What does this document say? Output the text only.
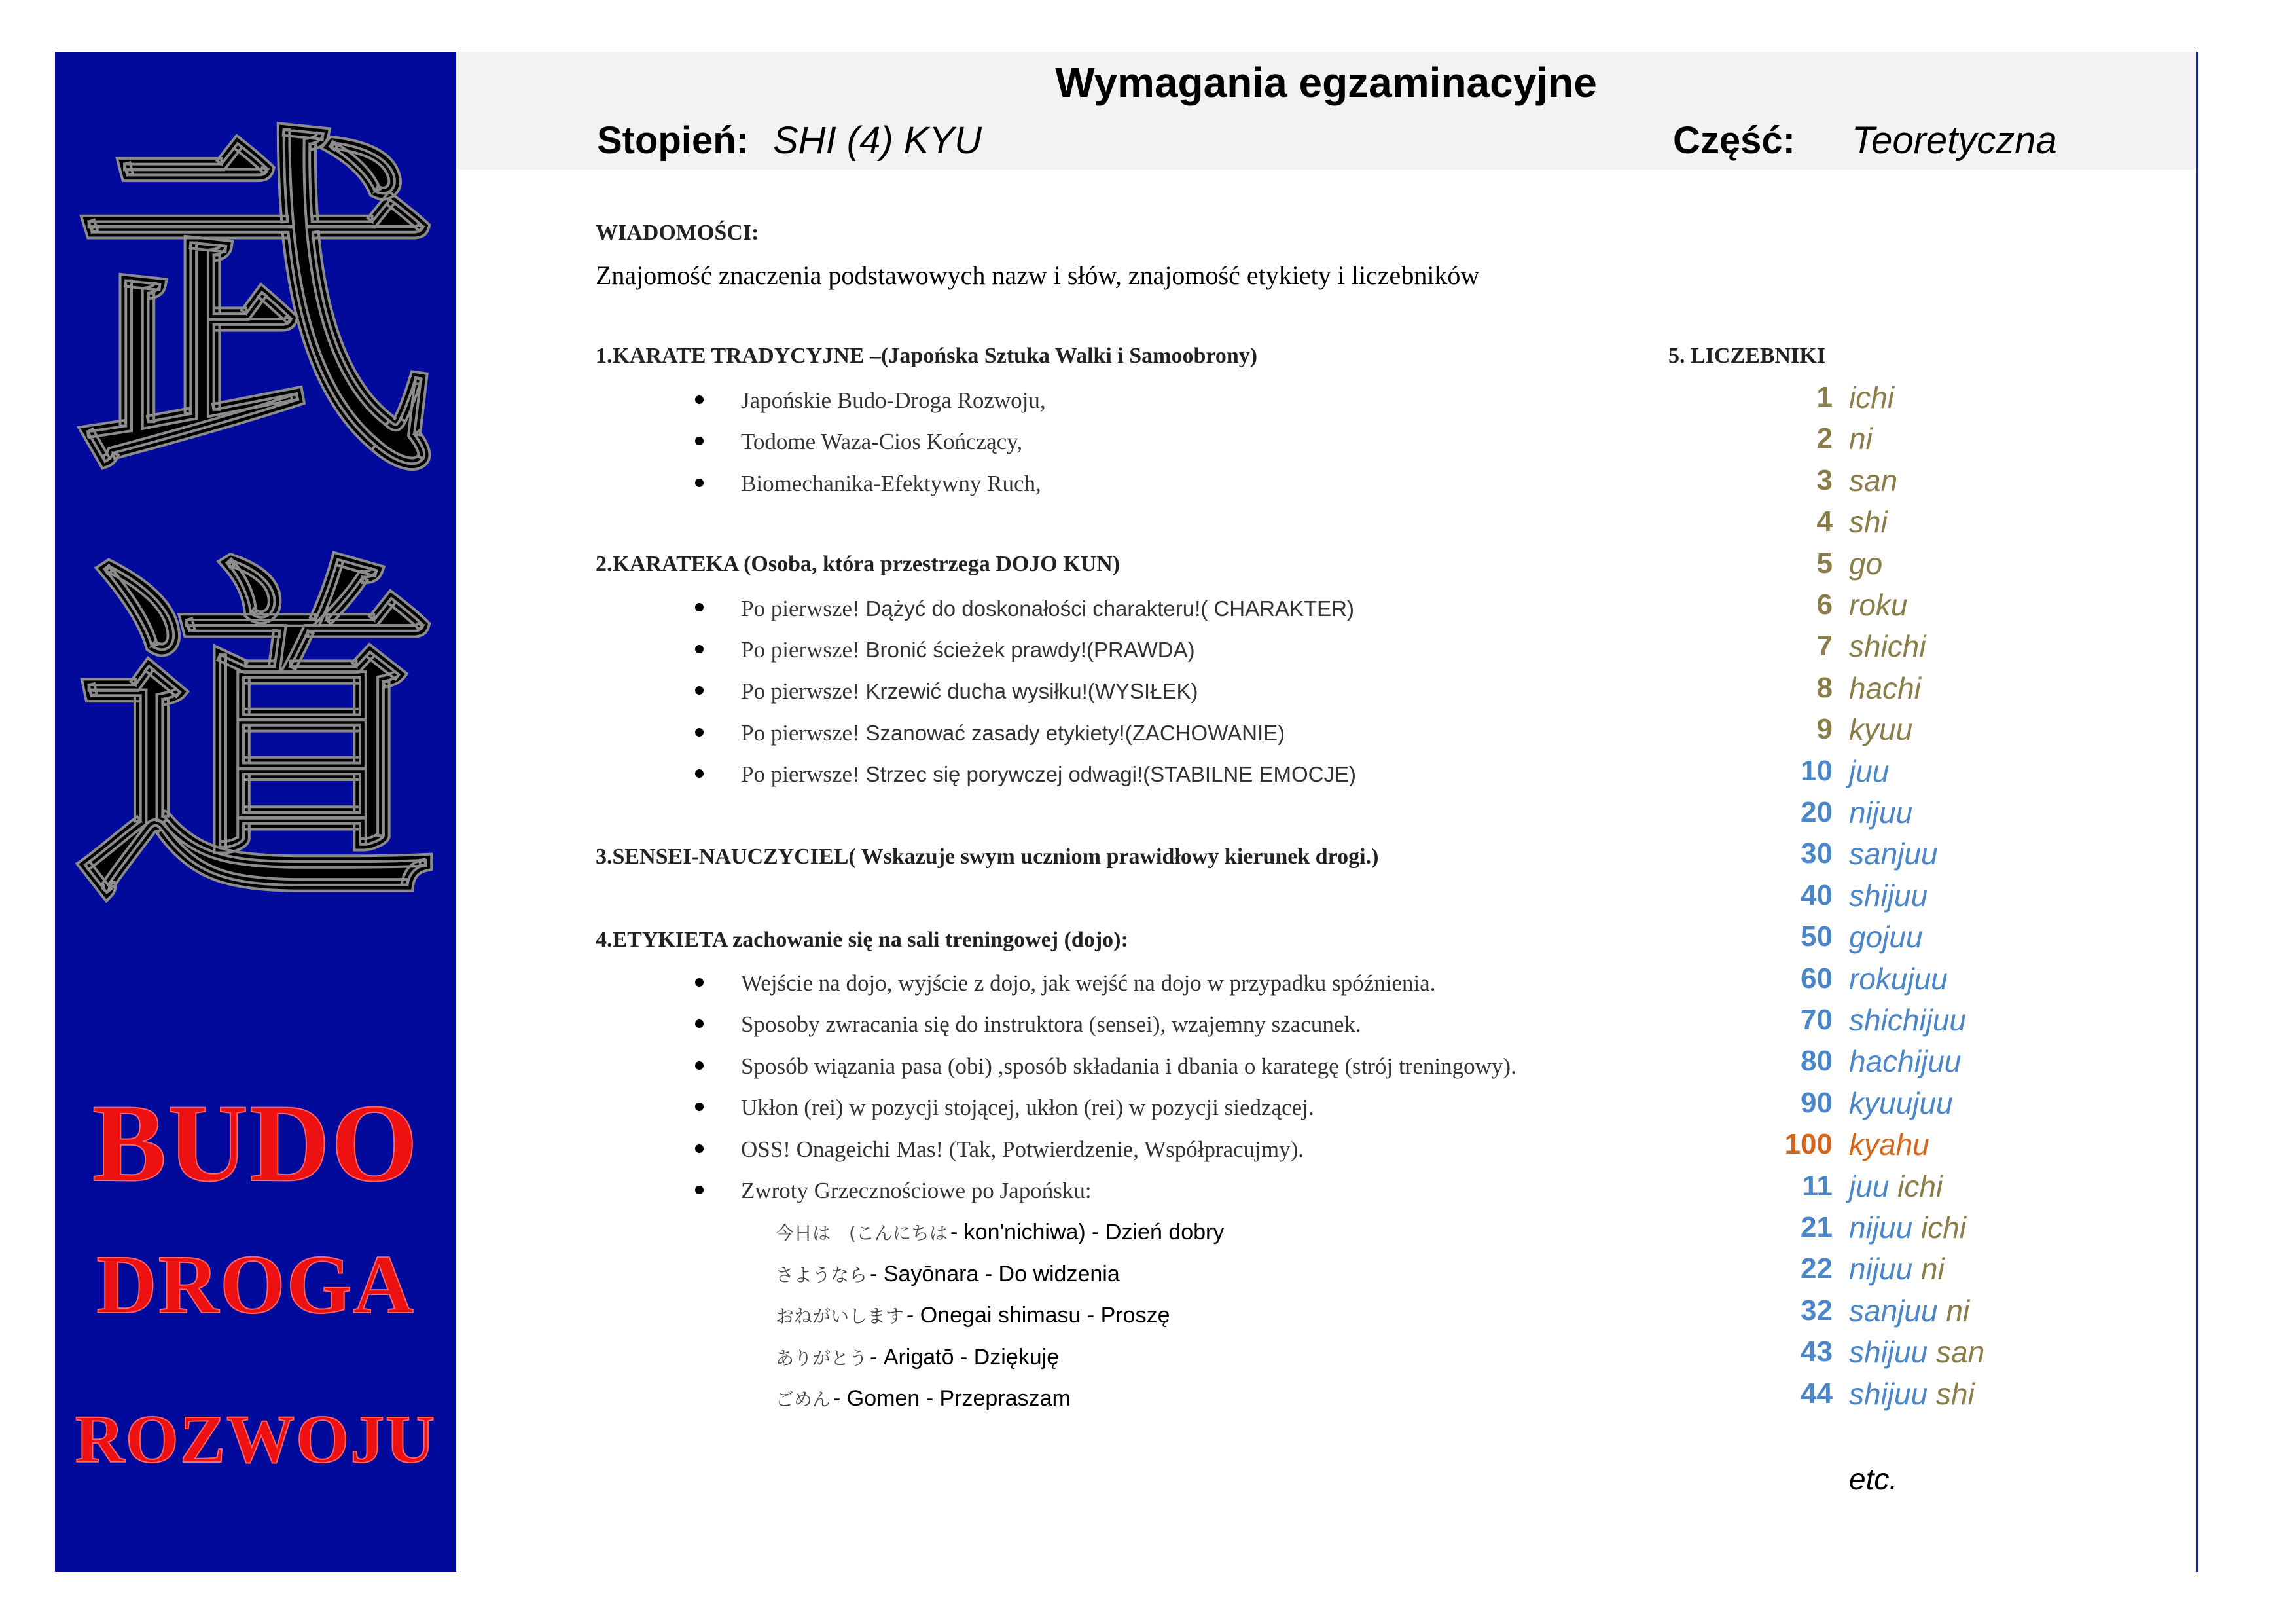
武
道
BUDO
DROGA
ROZWOJU
Wymagania egzaminacyjne
Stopień: SHI (4) KYU	Część: Teoretyczna
WIADOMOŚCI:
Znajomość znaczenia podstawowych nazw i słów, znajomość etykiety i liczebników
1.KARATE TRADYCYJNE –(Japońska Sztuka Walki i Samoobrony)
Japońskie Budo-Droga Rozwoju,
Todome Waza-Cios Kończący,
Biomechanika-Efektywny Ruch,
2.KARATEKA (Osoba, która przestrzega DOJO KUN)
Po pierwsze! Dążyć do doskonałości charakteru!( CHARAKTER)
Po pierwsze! Bronić ścieżek prawdy!(PRAWDA)
Po pierwsze! Krzewić ducha wysiłku!(WYSIŁEK)
Po pierwsze! Szanować zasady etykiety!(ZACHOWANIE)
Po pierwsze! Strzec się porywczej odwagi!(STABILNE EMOCJE)
3.SENSEI-NAUCZYCIEL( Wskazuje swym uczniom prawidłowy kierunek drogi.)
4.ETYKIETA zachowanie się na sali treningowej (dojo):
Wejście na dojo, wyjście z dojo, jak wejść na dojo w przypadku spóźnienia.
Sposoby zwracania się do instruktora (sensei), wzajemny szacunek.
Sposób wiązania pasa (obi) ,sposób składania i dbania o karategę (strój treningowy).
Ukłon (rei) w pozycji stojącej, ukłon (rei) w pozycji siedzącej.
OSS! Onageichi Mas! (Tak, Potwierdzenie, Współpracujmy).
Zwroty Grzecznościowe po Japońsku:
今日は　(こんにちは - kon'nichiwa) - Dzień dobry
さようなら - Sayōnara - Do widzenia
おねがいします - Onegai shimasu - Proszę
ありがとう - Arigatō - Dziękuję
ごめん - Gomen - Przepraszam
5. LICZEBNIKI
1 ichi
2 ni
3 san
4 shi
5 go
6 roku
7 shichi
8 hachi
9 kyuu
10 juu
20 nijuu
30 sanjuu
40 shijuu
50 gojuu
60 rokujuu
70 shichijuu
80 hachijuu
90 kyuujuu
100 kyahu
11 juu ichi
21 nijuu ichi
22 nijuu ni
32 sanjuu ni
43 shijuu san
44 shijuu shi
etc.
